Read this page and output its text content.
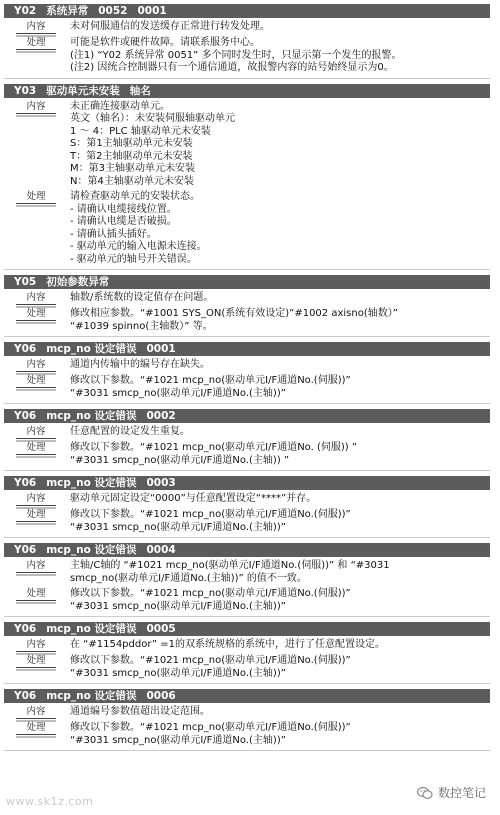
Y02 系统异常 0052 0001
内容	未对伺服通信的发送缓存正常进行转发处理。
处理	可能是软件或硬件故障。请联系服务中心。
(注1) “Y02 系统异常 0051” 多个同时发生时，只显示第一个发生的报警。
(注2) 因统合控制器只有一个通信通道，故报警内容的站号始终显示为0。
Y03 驱动单元未安装 轴名
内容	未正确连接驱动单元。
英文（轴名）：未安装伺服轴驱动单元
1 ～ 4：PLC 轴驱动单元未安装
S：第1主轴驱动单元未安装
T：第2主轴驱动单元未安装
M：第3主轴驱动单元未安装
N：第4主轴驱动单元未安装
处理	请检查驱动单元的安装状态。
- 请确认电缆接线位置。
- 请确认电缆是否破损。
- 请确认插头插好。
- 驱动单元的输入电源未连接。
- 驱动单元的轴号开关错误。
Y05 初始参数异常
内容	轴数/系统数的设定值存在问题。
处理	修改相应参数。“#1001 SYS_ON(系统有效设定)”#1002 axisno(轴数）”
“#1039 spinno(主轴数）” 等。
Y06 mcp_no 设定错误 0001
内容	通道内传输中的编号存在缺失。
处理	修改以下参数。“#1021 mcp_no(驱动单元I/F通道No.(伺服))”
“#3031 smcp_no(驱动单元I/F通道No.(主轴))”
Y06 mcp_no 设定错误 0002
内容	任意配置的设定发生重复。
处理	修改以下参数。“#1021 mcp_no(驱动单元I/F通道No. (伺服)) ”
“#3031 smcp_no(驱动单元I/F通道No.(主轴)) ”
Y06 mcp_no 设定错误 0003
内容	驱动单元固定设定“0000”与任意配置设定“****”并存。
处理	修改以下参数。“#1021 mcp_no(驱动单元I/F通道No.(伺服))”
“#3031 smcp_no(驱动单元I/F通道No.(主轴))”
Y06 mcp_no 设定错误 0004
内容	主轴/C轴的 “#1021 mcp_no(驱动单元I/F通道No.(伺服))” 和 “#3031
smcp_no(驱动单元I/F通道No.(主轴))” 的值不一致。
处理	修改以下参数。“#1021 mcp_no(驱动单元I/F通道No.(伺服))”
“#3031 smcp_no(驱动单元I/F通道No.(主轴))”
Y06 mcp_no 设定错误 0005
内容	在 “#1154pddor” =1的双系统规格的系统中，进行了任意配置设定。
处理	修改以下参数。“#1021 mcp_no(驱动单元I/F通道No.(伺服))”
“#3031 smcp_no(驱动单元I/F通道No.(主轴))”
Y06 mcp_no 设定错误 0006
内容	通道编号参数值超出设定范围。
处理	修改以下参数。“#1021 mcp_no(驱动单元I/F通道No.(伺服))”
“#3031 smcp_no(驱动单元I/F通道No.(主轴))”
www.sk1z.com
数控笔记
